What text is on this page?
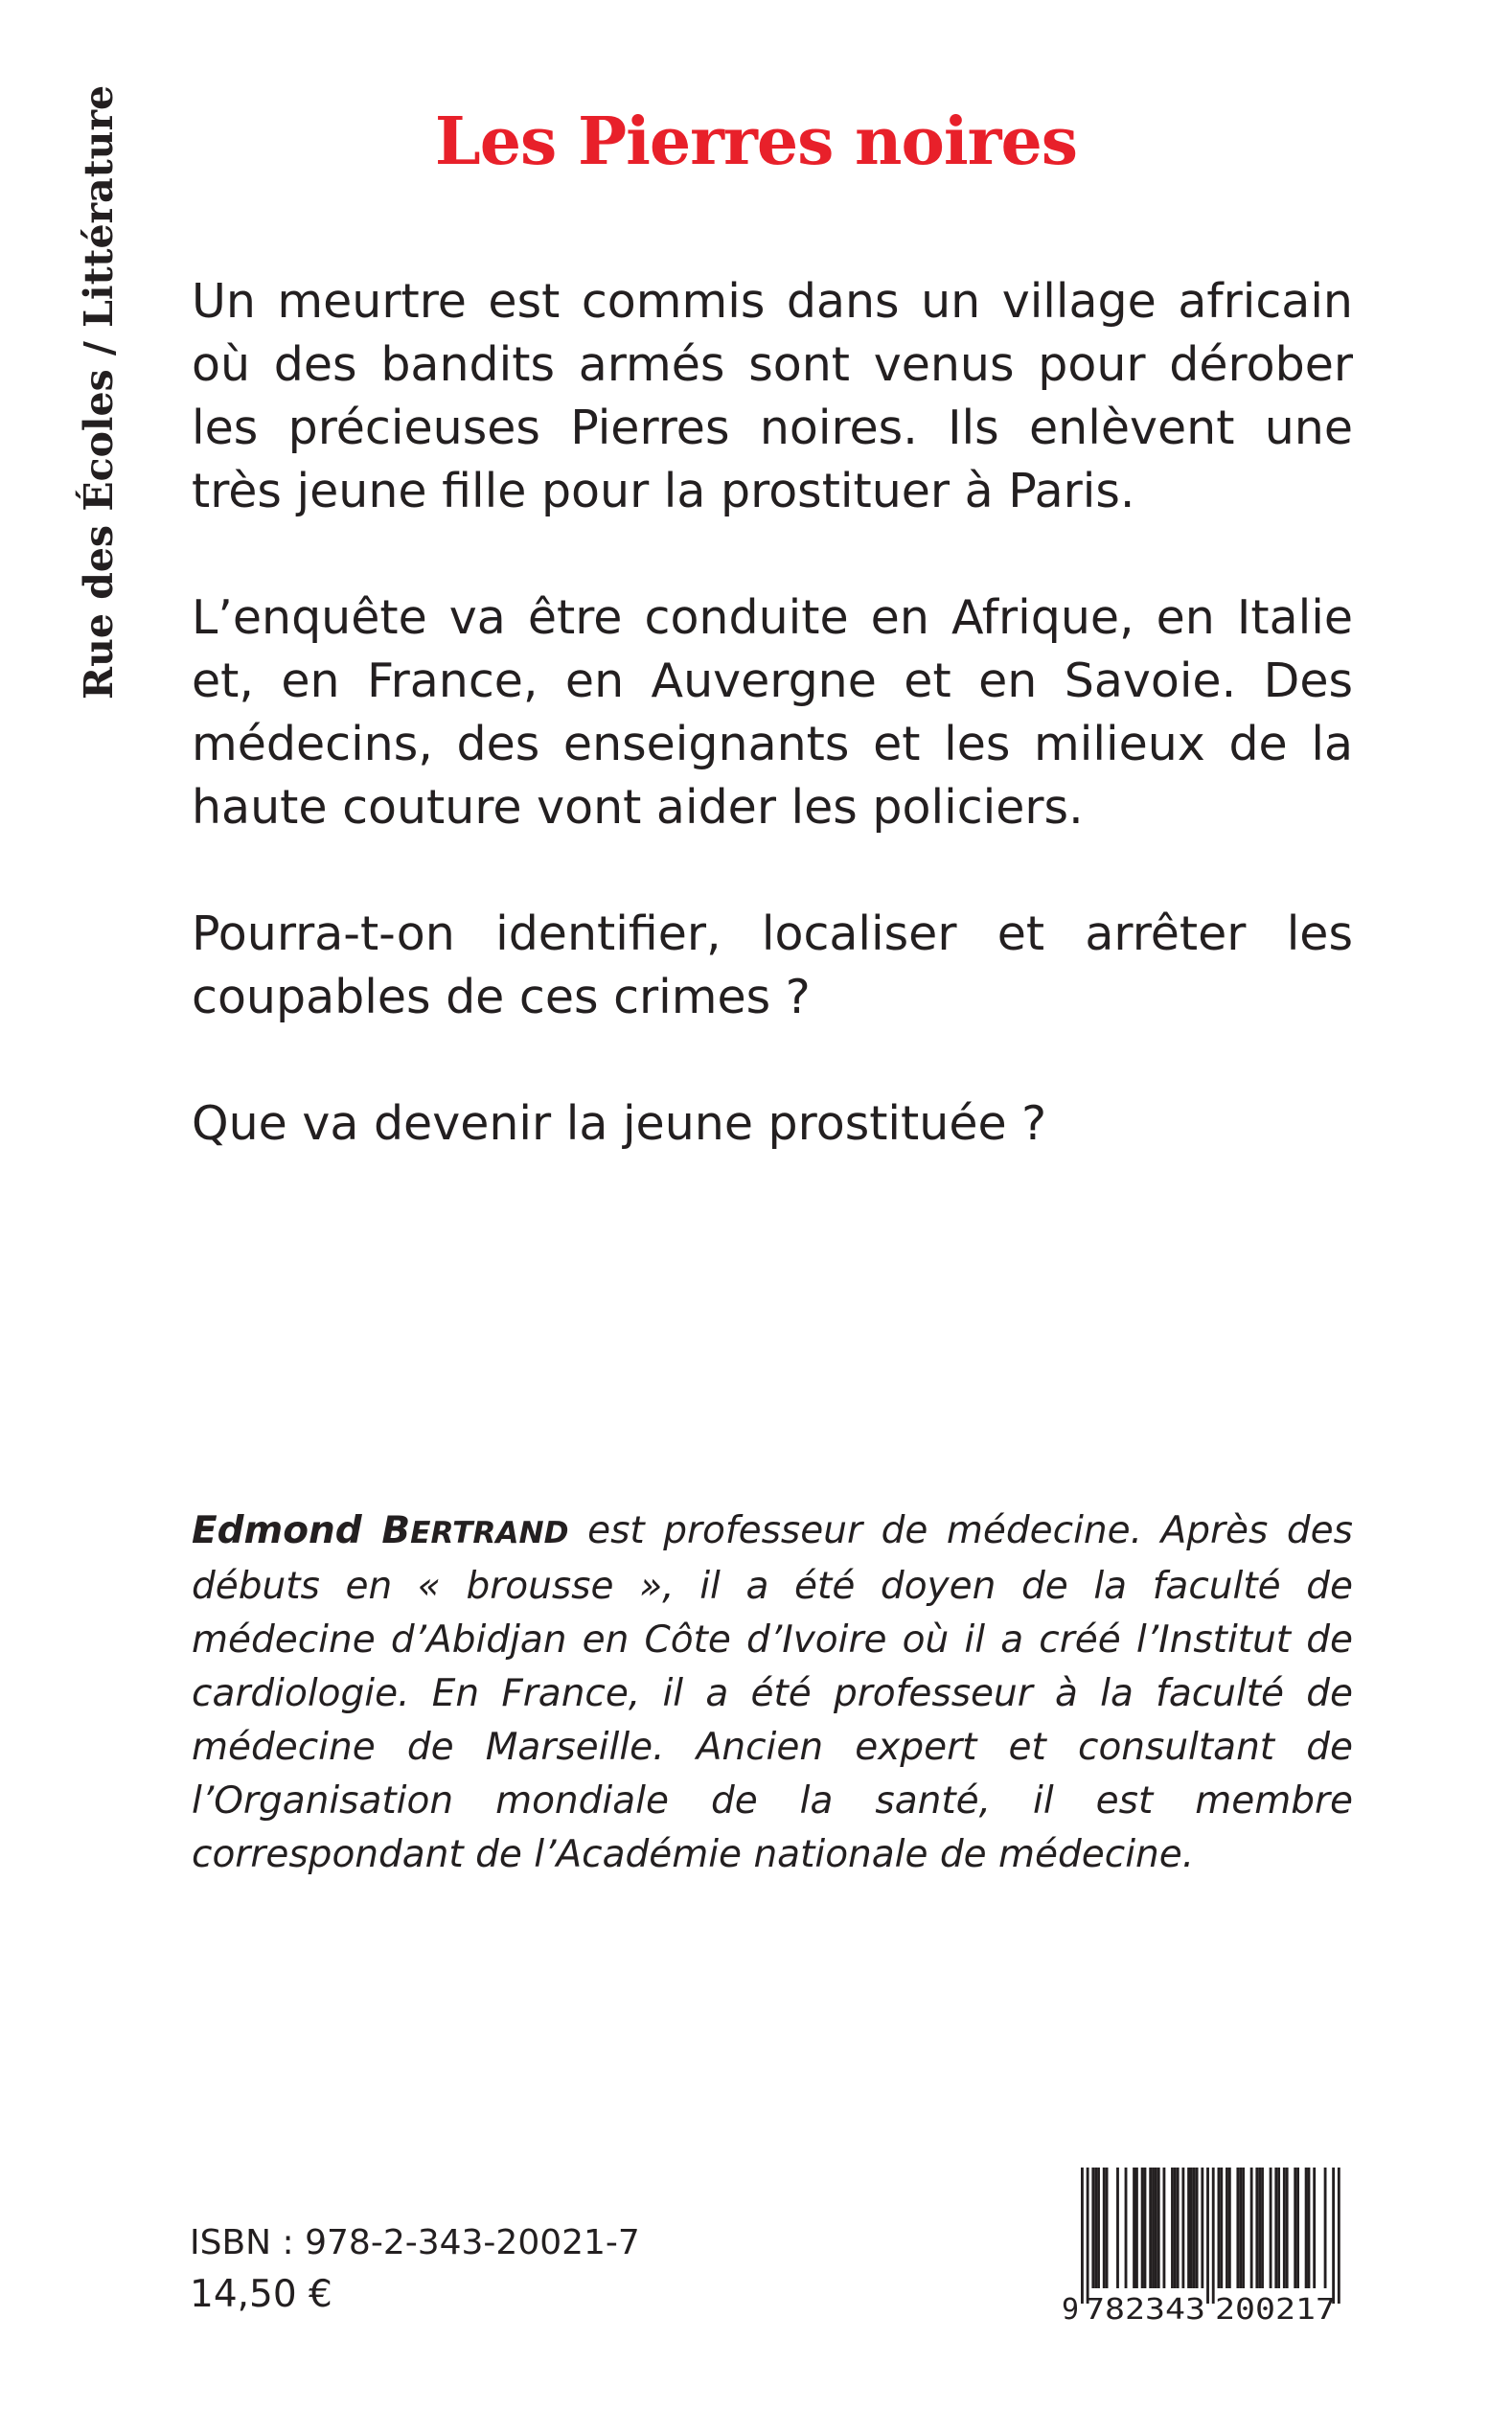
Rue des Écoles / Littérature	Les Pierres noires

Un meurtre est commis dans un village africain où des bandits armés sont venus pour dérober les précieuses Pierres noires. Ils enlèvent une très jeune fille pour la prostituer à Paris.

L’enquête va être conduite en Afrique, en Italie et, en France, en Auvergne et en Savoie. Des médecins, des enseignants et les milieux de la haute couture vont aider les policiers.

Pourra-t-on identifier, localiser et arrêter les coupables de ces crimes ?

Que va devenir la jeune prostituée ?

Edmond BERTRAND est professeur de médecine. Après des débuts en « brousse », il a été doyen de la faculté de médecine d’Abidjan en Côte d’Ivoire où il a créé l’Institut de cardiologie. En France, il a été professeur à la faculté de médecine de Marseille. Ancien expert et consultant de l’Organisation mondiale de la santé, il est membre correspondant de l’Académie nationale de médecine.

ISBN : 978-2-343-20021-7
14,50 €	9 782343 200217
